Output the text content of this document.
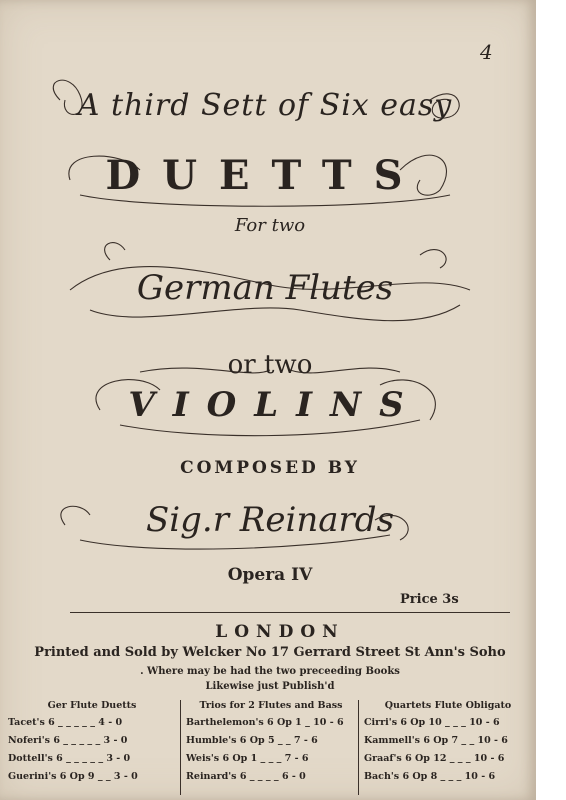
4
A third Sett of Six easy
DUETTS
For two
German Flutes
or two
VIOLINS
COMPOSED BY
Sig.r Reinards
Opera IV
Price 3s
LONDON
Printed and Sold by Welcker No 17 Gerrard Street St Ann's Soho
. Where may be had the two preceeding Books
Likewise just Publish'd
Ger Flute Duetts
Tacet's 6 _ _ _ _ _ 4 - 0
Noferi's 6 _ _ _ _ _ 3 - 0
Dottell's 6 _ _ _ _ _ 3 - 0
Guerini's 6 Op 9 _ _ 3 - 0
Trios for 2 Flutes and Bass
Barthelemon's 6 Op 1 _ 10 - 6
Humble's 6 Op 5 _ _ 7 - 6
Weis's 6 Op 1 _ _ _ 7 - 6
Reinard's 6 _ _ _ _ 6 - 0
Quartets Flute Obligato
Cirri's 6 Op 10 _ _ _ 10 - 6
Kammell's 6 Op 7 _ _ 10 - 6
Graaf's 6 Op 12 _ _ _ 10 - 6
Bach's 6 Op 8 _ _ _ 10 - 6
